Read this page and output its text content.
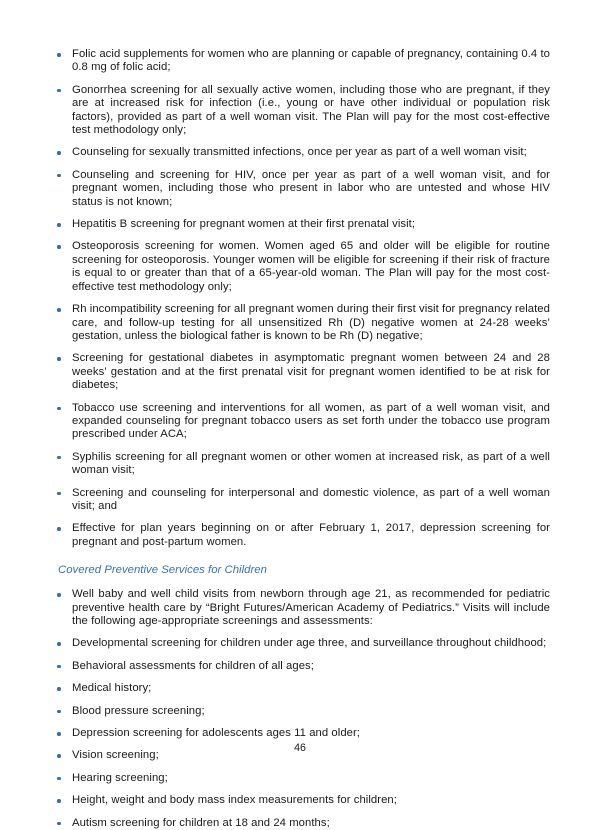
Folic acid supplements for women who are planning or capable of pregnancy, containing 0.4 to 0.8 mg of folic acid;
Gonorrhea screening for all sexually active women, including those who are pregnant, if they are at increased risk for infection (i.e., young or have other individual or population risk factors), provided as part of a well woman visit. The Plan will pay for the most cost-effective test methodology only;
Counseling for sexually transmitted infections, once per year as part of a well woman visit;
Counseling and screening for HIV, once per year as part of a well woman visit, and for pregnant women, including those who present in labor who are untested and whose HIV status is not known;
Hepatitis B screening for pregnant women at their first prenatal visit;
Osteoporosis screening for women. Women aged 65 and older will be eligible for routine screening for osteoporosis. Younger women will be eligible for screening if their risk of fracture is equal to or greater than that of a 65-year-old woman. The Plan will pay for the most cost-effective test methodology only;
Rh incompatibility screening for all pregnant women during their first visit for pregnancy related care, and follow-up testing for all unsensitized Rh (D) negative women at 24-28 weeks’ gestation, unless the biological father is known to be Rh (D) negative;
Screening for gestational diabetes in asymptomatic pregnant women between 24 and 28 weeks’ gestation and at the first prenatal visit for pregnant women identified to be at risk for diabetes;
Tobacco use screening and interventions for all women, as part of a well woman visit, and expanded counseling for pregnant tobacco users as set forth under the tobacco use program prescribed under ACA;
Syphilis screening for all pregnant women or other women at increased risk, as part of a well woman visit;
Screening and counseling for interpersonal and domestic violence, as part of a well woman visit; and
Effective for plan years beginning on or after February 1, 2017, depression screening for pregnant and post-partum women.
Covered Preventive Services for Children
Well baby and well child visits from newborn through age 21, as recommended for pediatric preventive health care by “Bright Futures/American Academy of Pediatrics.” Visits will include the following age-appropriate screenings and assessments:
Developmental screening for children under age three, and surveillance throughout childhood;
Behavioral assessments for children of all ages;
Medical history;
Blood pressure screening;
Depression screening for adolescents ages 11 and older;
Vision screening;
Hearing screening;
Height, weight and body mass index measurements for children;
Autism screening for children at 18 and 24 months;
46
